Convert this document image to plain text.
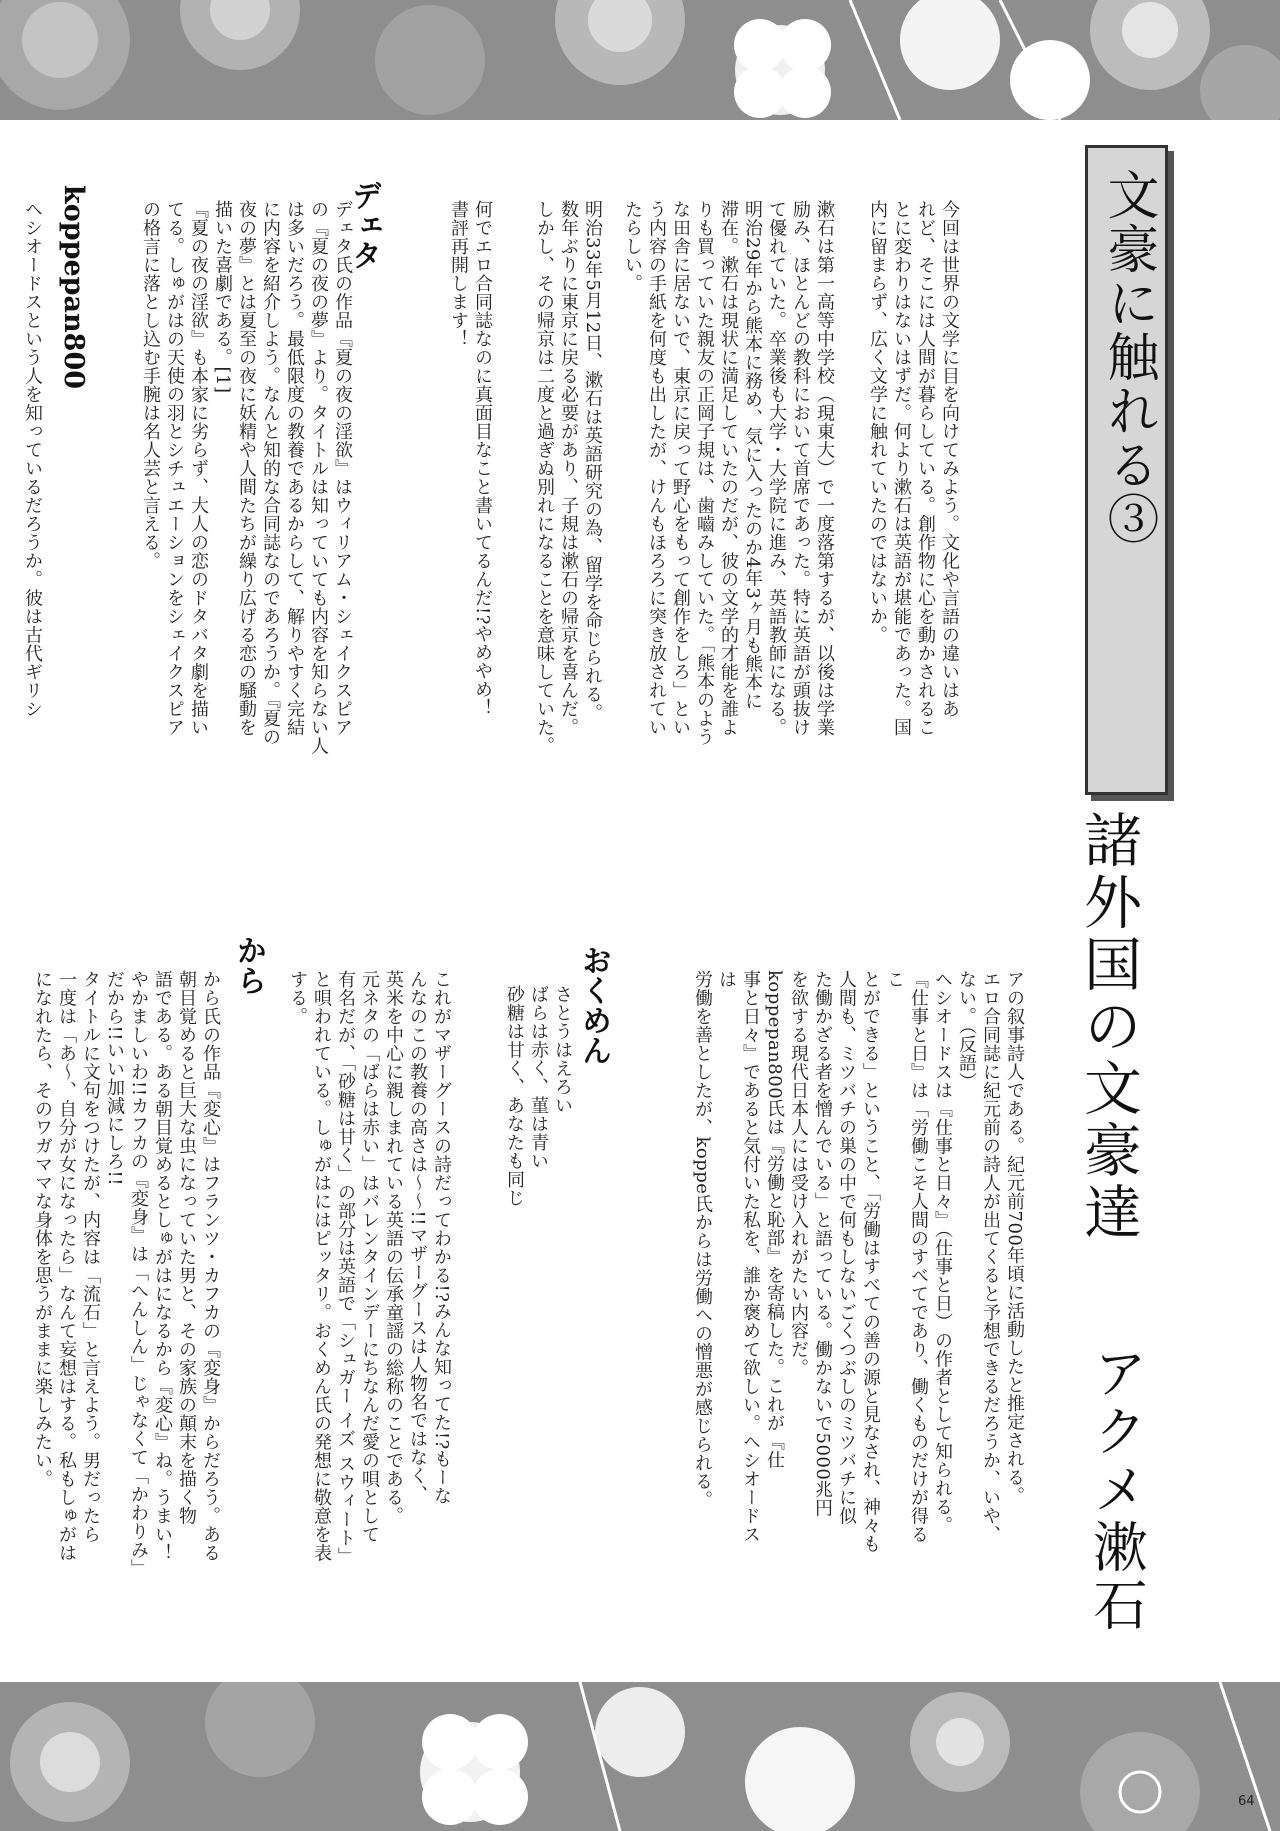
文豪に触れる③
諸外国の文豪達
アクメ漱石
今回は世界の文学に目を向けてみよう。文化や言語の違いはあ
れど、そこには人間が暮らしている。創作物に心を動かされるこ
とに変わりはないはずだ。何より漱石は英語が堪能であった。国
内に留まらず、広く文学に触れていたのではないか。
漱石は第一高等中学校（現東大）で一度落第するが、以後は学業
励み、ほとんどの教科において首席であった。特に英語が頭抜け
て優れていた。卒業後も大学・大学院に進み、英語教師になる。
明治29年から熊本に務め、気に入ったのか4年3ヶ月も熊本に
滞在。漱石は現状に満足していたのだが、彼の文学的才能を誰よ
りも買っていた親友の正岡子規は、歯嚙みしていた。「熊本のよう
な田舎に居ないで、東京に戻って野心をもって創作をしろ」とい
う内容の手紙を何度も出したが、けんもほろろに突き放されてい
たらしい。
明治33年5月12日、漱石は英語研究の為、留学を命じられる。
数年ぶりに東京に戻る必要があり、子規は漱石の帰京を喜んだ。
しかし、その帰京は二度と過ぎぬ別れになることを意味していた。
何でエロ合同誌なのに真面目なこと書いてるんだ!?やめやめ！
書評再開します！
デェタ
デェタ氏の作品『夏の夜の淫欲』はウィリアム・シェイクスピア
の『夏の夜の夢』より。タイトルは知っていても内容を知らない人
は多いだろう。最低限度の教養であるからして、解りやすく完結
に内容を紹介しよう。なんと知的な合同誌なのであろうか。『夏の
夜の夢』とは夏至の夜に妖精や人間たちが繰り広げる恋の騒動を
描いた喜劇である。[1]
『夏の夜の淫欲』も本家に劣らず、大人の恋のドタバタ劇を描い
てる。しゅがはの天使の羽とシチュエーションをシェイクスピア
の格言に落とし込む手腕は名人芸と言える。
koppepan800
ヘシオードスという人を知っているだろうか。彼は古代ギリシ
アの叙事詩人である。紀元前700年頃に活動したと推定される。
エロ合同誌に紀元前の詩人が出てくると予想できるだろうか、いや、
ない。（反語）
ヘシオードスは『仕事と日々』（仕事と日）の作者として知られる。
『仕事と日』は「労働こそ人間のすべてであり、働くものだけが得るこ
とができる」ということ、「労働はすべての善の源と見なされ、神々も
人間も、ミツバチの巣の中で何もしないごくつぶしのミツバチに似
た働かざる者を憎んでいる」と語っている。働かないで5000兆円
を欲する現代日本人には受け入れがたい内容だ。
koppepan800氏は『労働と恥部』を寄稿した。これが『仕
事と日々』であると気付いた私を、誰か褒めて欲しい。ヘシオードスは
労働を善としたが、koppe氏からは労働への憎悪が感じられる。
おくめん
さとうはえろい
ばらは赤く、菫は青い
砂糖は甘く、あなたも同じ
これがマザーグースの詩だってわかる!?みんな知ってた!?もーな
んなのこの教養の高さは〜〜!!マザーグースは人物名ではなく、
英米を中心に親しまれている英語の伝承童謡の総称のことである。
元ネタの「ばらは赤い」はバレンタインデーにちなんだ愛の唄として
有名だが、「砂糖は甘く」の部分は英語で「シュガー イズ スウィート」
と唄われている。しゅがはにはピッタリ。おくめん氏の発想に敬意を表
する。
から
から氏の作品『変心』はフランツ・カフカの『変身』からだろう。ある
朝目覚めると巨大な虫になっていた男と、その家族の顛末を描く物
語である。ある朝目覚めるとしゅがはになるから『変心』ね。うまい！
やかましいわ!!カフカの『変身』は「へんしん」じゃなくて「かわりみ」
だから!!いい加減にしろ!!
タイトルに文句をつけたが、内容は「流石」と言えよう。男だったら
一度は「あ〜、自分が女になったら」なんて妄想はする。私もしゅがは
になれたら、そのワガママな身体を思うがままに楽しみたい。
64
